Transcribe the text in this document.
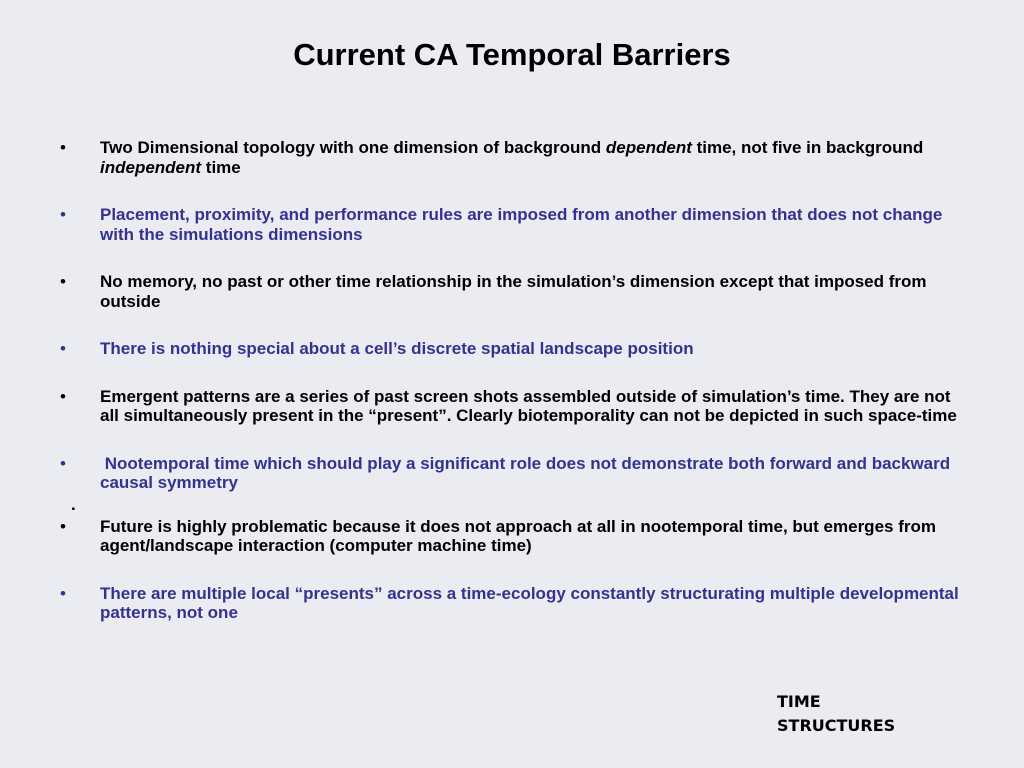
Current CA Temporal Barriers
• Two Dimensional topology with one dimension of background dependent time, not five in background independent time
• Placement, proximity, and performance rules are imposed from another dimension that does not change with the simulations dimensions
• No memory, no past or other time relationship in the simulation’s dimension except that imposed from outside
• There is nothing special about a cell’s discrete spatial landscape position
• Emergent patterns are a series of past screen shots assembled outside of simulation’s time. They are not all simultaneously present in the “present”. Clearly biotemporality can not be depicted in such space-time
• Nootemporal time which should play a significant role does not demonstrate both forward and backward causal symmetry
.
• Future is highly problematic because it does not approach at all in nootemporal time, but emerges from agent/landscape interaction (computer machine time)
• There are multiple local “presents” across a time-ecology constantly structurating multiple developmental patterns, not one
TIME
STRUCTURES
